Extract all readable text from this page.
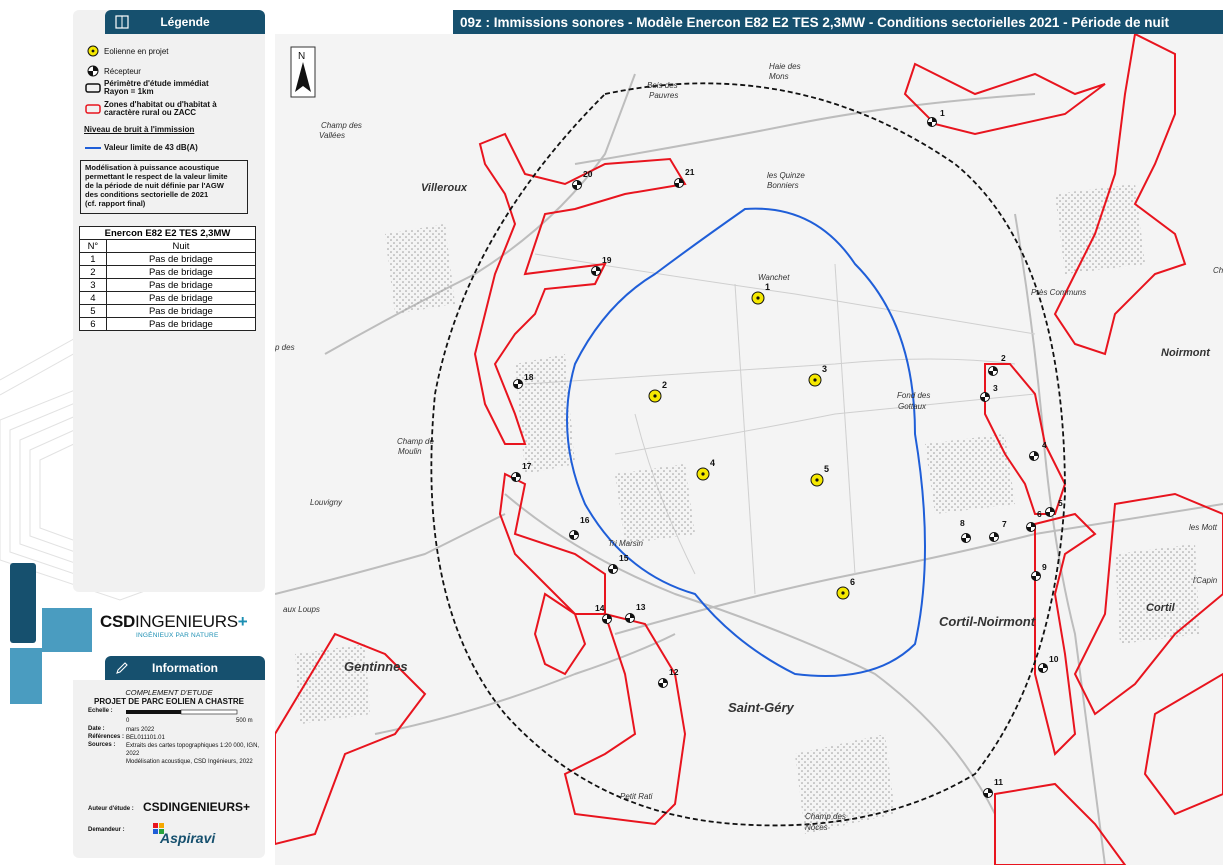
Légende
Eolienne en projet
Récepteur
Périmètre d'étude immédiat
Rayon = 1km
Zones d'habitat ou d'habitat à
caractère rural ou ZACC
Niveau de bruit à l'immission
Valeur limite de 43 dB(A)
Modélisation à puissance acoustique
permettant le respect de la valeur limite
de la période de nuit définie par l'AGW
des conditions sectorielle de 2021
(cf. rapport final)
Enercon E82 E2 TES 2,3MW	
N°	Nuit
1	Pas de bridage
2	Pas de bridage
3	Pas de bridage
4	Pas de bridage
5	Pas de bridage
6	Pas de bridage
CSDINGENIEURS+
INGÉNIEUX PAR NATURE
Information
COMPLEMENT D'ETUDE
PROJET DE PARC EOLIEN A CHASTRE
Echelle :
0	500 m
Date :	mars 2022
Références : BEL011101.01
Sources : Extraits des cartes topographiques 1:20 000, IGN, 2022
Modélisation acoustique, CSD Ingénieurs, 2022
Auteur d'étude : CSDINGENIEURS+
Demandeur :	Aspiravi
09z : Immissions sonores - Modèle Enercon E82 E2 TES 2,3MW - Conditions sectorielles 2021 - Période de nuit
Villeroux
Noirmont
Cortil-Noirmont
Saint-Géry
Gentinnes
Cortil
Haie des
Mons
Bois des
Pauvres
Champ des
Vallées
les Quinze
Bonniers
Wanchet
Fond des
Gottaux
Près Communs
Champ de
Moulin
Louvigny
Tri Marsin
aux Loups
Petit Rati
Champ des
Noces
les Mott
l'Capin
p des
Ch
N
1
2
3
4
5
6
1
2
3
4
5
6
7
8
9
10
11
12
13
14
15
16
17
18
19
20	21
